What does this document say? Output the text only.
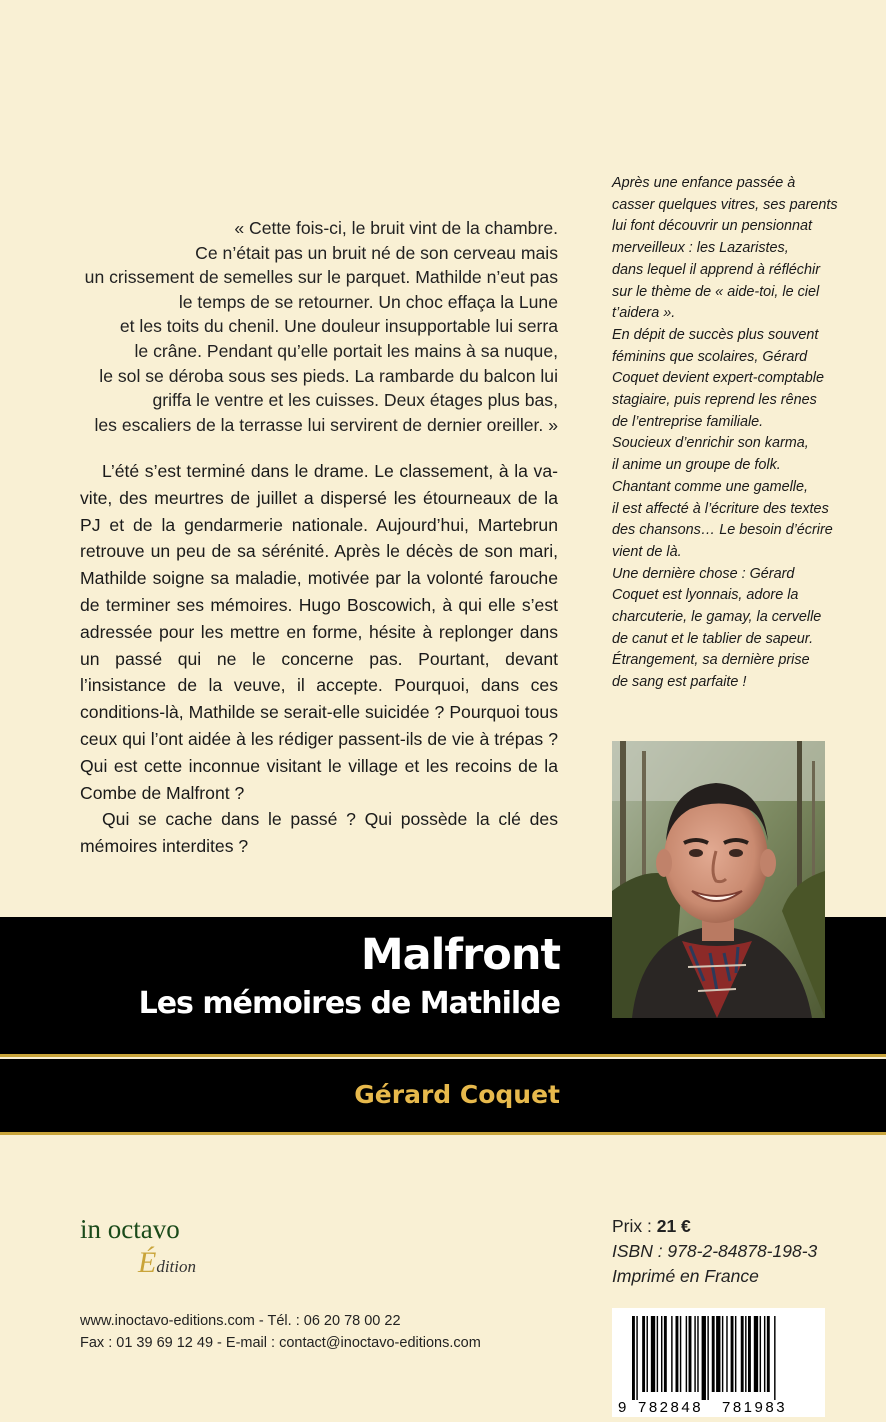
« Cette fois-ci, le bruit vint de la chambre.

Ce n’était pas un bruit né de son cerveau mais

un crissement de semelles sur le parquet. Mathilde n’eut pas

le temps de se retourner. Un choc effaça la Lune

et les toits du chenil. Une douleur insupportable lui serra

le crâne. Pendant qu’elle portait les mains à sa nuque,

le sol se déroba sous ses pieds. La rambarde du balcon lui

griffa le ventre et les cuisses. Deux étages plus bas,

les escaliers de la terrasse lui servirent de dernier oreiller. »

L’été s’est terminé dans le drame. Le classement, à la va-vite, des meurtres de juillet a dispersé les étourneaux de la PJ et de la gendarmerie nationale. Aujourd’hui, Martebrun retrouve un peu de sa sérénité. Après le décès de son mari, Mathilde soigne sa maladie, motivée par la volonté farouche de terminer ses mémoires. Hugo Boscowich, à qui elle s’est adressée pour les mettre en forme, hésite à replonger dans un passé qui ne le concerne pas. Pourtant, devant l’insistance de la veuve, il accepte. Pourquoi, dans ces conditions-là, Mathilde se serait-elle suicidée ? Pourquoi tous ceux qui l’ont aidée à les rédiger passent-ils de vie à trépas ? Qui est cette inconnue visitant le village et les recoins de la Combe de Malfront ?

Qui se cache dans le passé ? Qui possède la clé des mémoires interdites ?

Après une enfance passée à

casser quelques vitres, ses parents

lui font découvrir un pensionnat

merveilleux : les Lazaristes,

dans lequel il apprend à réfléchir

sur le thème de « aide-toi, le ciel

t’aidera ».

En dépit de succès plus souvent

féminins que scolaires, Gérard

Coquet devient expert-comptable

stagiaire, puis reprend les rênes

de l’entreprise familiale.

Soucieux d’enrichir son karma,

il anime un groupe de folk.

Chantant comme une gamelle,

il est affecté à l’écriture des textes

des chansons… Le besoin d’écrire

vient de là.

Une dernière chose : Gérard

Coquet est lyonnais, adore la

charcuterie, le gamay, la cervelle

de canut et le tablier de sapeur.

Étrangement, sa dernière prise

de sang est parfaite !

Malfront
Les mémoires de Mathilde
Gérard Coquet
in octavo
Édition
www.inoctavo-editions.com - Tél. : 06 20 78 00 22
Fax : 01 39 69 12 49 - E-mail : contact@inoctavo-editions.com
Prix : 21 €
ISBN : 978-2-84878-198-3
Imprimé en France
9 782848 781983
